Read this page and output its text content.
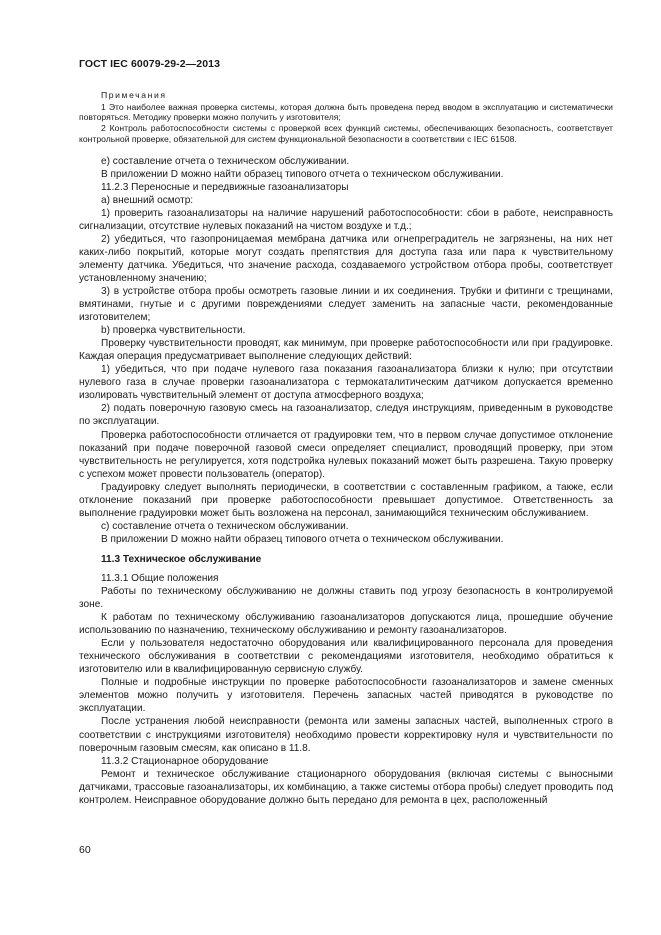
ГОСТ IEC 60079-29-2—2013

Примечания

1 Это наиболее важная проверка системы, которая должна быть проведена перед вводом в эксплуатацию и систематически повторяться. Методику проверки можно получить у изготовителя;

2 Контроль работоспособности системы с проверкой всех функций системы, обеспечивающих безопасность, соответствует контрольной проверке, обязательной для систем функциональной безопасности в соответствии с IEC 61508.

e) составление отчета о техническом обслуживании.

В приложении D можно найти образец типового отчета о техническом обслуживании.

11.2.3 Переносные и передвижные газоанализаторы

а) внешний осмотр:

1) проверить газоанализаторы на наличие нарушений работоспособности: сбои в работе, неисправность сигнализации, отсутствие нулевых показаний на чистом воздухе и т.д.;

2) убедиться, что газопроницаемая мембрана датчика или огнепреградитель не загрязнены, на них нет каких-либо покрытий, которые могут создать препятствия для доступа газа или пара к чувствительному элементу датчика. Убедиться, что значение расхода, создаваемого устройством отбора пробы, соответствует установленному значению;

3) в устройстве отбора пробы осмотреть газовые линии и их соединения. Трубки и фитинги с трещинами, вмятинами, гнутые и с другими повреждениями следует заменить на запасные части, рекомендованные изготовителем;

b) проверка чувствительности.

Проверку чувствительности проводят, как минимум, при проверке работоспособности или при градуировке. Каждая операция предусматривает выполнение следующих действий:

1) убедиться, что при подаче нулевого газа показания газоанализатора близки к нулю; при отсутствии нулевого газа в случае проверки газоанализатора с термокаталитическим датчиком допускается временно изолировать чувствительный элемент от доступа атмосферного воздуха;

2) подать поверочную газовую смесь на газоанализатор, следуя инструкциям, приведенным в руководстве по эксплуатации.

Проверка работоспособности отличается от градуировки тем, что в первом случае допустимое отклонение показаний при подаче поверочной газовой смеси определяет специалист, проводящий проверку, при этом чувствительность не регулируется, хотя подстройка нулевых показаний может быть разрешена. Такую проверку с успехом может провести пользователь (оператор).

Градуировку следует выполнять периодически, в соответствии с составленным графиком, а также, если отклонение показаний при проверке работоспособности превышает допустимое. Ответственность за выполнение градуировки может быть возложена на персонал, занимающийся техническим обслуживанием.

c) составление отчета о техническом обслуживании.

В приложении D можно найти образец типового отчета о техническом обслуживании.

11.3 Техническое обслуживание

11.3.1 Общие положения

Работы по техническому обслуживанию не должны ставить под угрозу безопасность в контролируемой зоне.

К работам по техническому обслуживанию газоанализаторов допускаются лица, прошедшие обучение использованию по назначению, техническому обслуживанию и ремонту газоанализаторов.

Если у пользователя недостаточно оборудования или квалифицированного персонала для проведения технического обслуживания в соответствии с рекомендациями изготовителя, необходимо обратиться к изготовителю или в квалифицированную сервисную службу.

Полные и подробные инструкции по проверке работоспособности газоанализаторов и замене сменных элементов можно получить у изготовителя. Перечень запасных частей приводятся в руководстве по эксплуатации.

После устранения любой неисправности (ремонта или замены запасных частей, выполненных строго в соответствии с инструкциями изготовителя) необходимо провести корректировку нуля и чувствительности по поверочным газовым смесям, как описано в 11.8.

11.3.2 Стационарное оборудование

Ремонт и техническое обслуживание стационарного оборудования (включая системы с выносными датчиками, трассовые газоанализаторы, их комбинацию, а также системы отбора пробы) следует проводить под контролем. Неисправное оборудование должно быть передано для ремонта в цех, расположенный

60
